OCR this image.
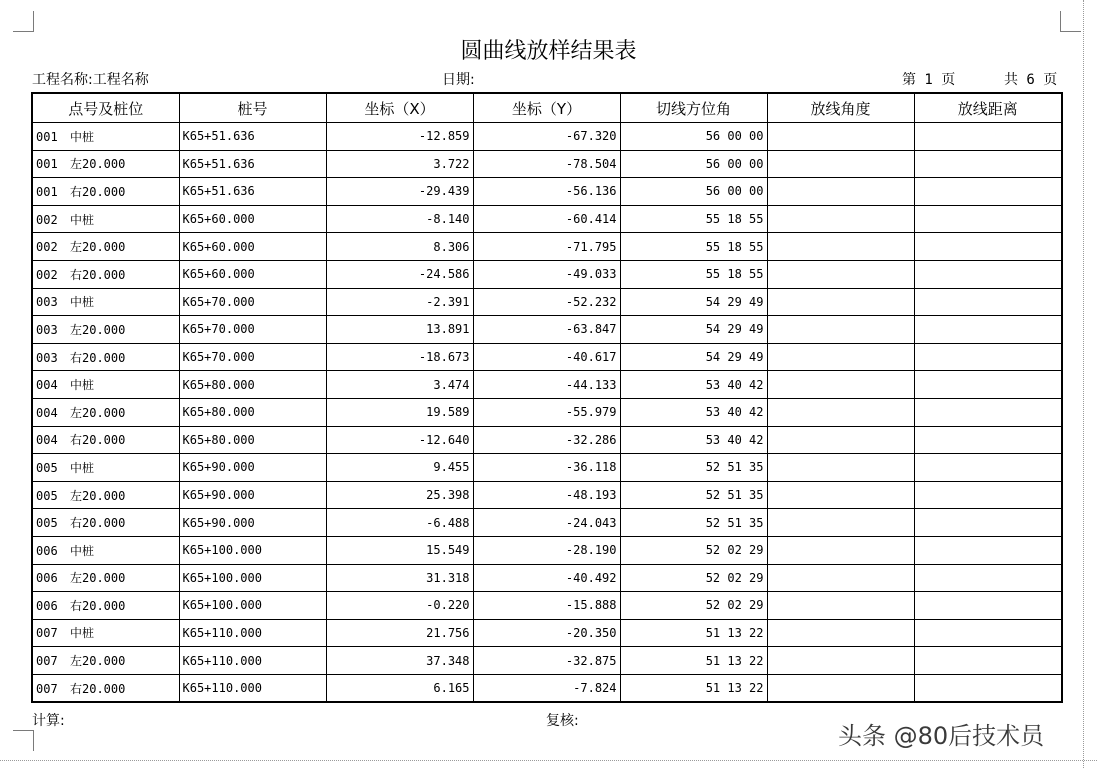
圆曲线放样结果表
工程名称:工程名称	日期:	第 1 页	共 6 页
点号及桩位	桩号	坐标（X）	坐标（Y）	切线方位角	放线角度	放线距离
001 中桩	K65+51.636	-12.859	-67.320	56 00 00		
001 左20.000	K65+51.636	3.722	-78.504	56 00 00		
001 右20.000	K65+51.636	-29.439	-56.136	56 00 00		
002 中桩	K65+60.000	-8.140	-60.414	55 18 55		
002 左20.000	K65+60.000	8.306	-71.795	55 18 55		
002 右20.000	K65+60.000	-24.586	-49.033	55 18 55		
003 中桩	K65+70.000	-2.391	-52.232	54 29 49		
003 左20.000	K65+70.000	13.891	-63.847	54 29 49		
003 右20.000	K65+70.000	-18.673	-40.617	54 29 49		
004 中桩	K65+80.000	3.474	-44.133	53 40 42		
004 左20.000	K65+80.000	19.589	-55.979	53 40 42		
004 右20.000	K65+80.000	-12.640	-32.286	53 40 42		
005 中桩	K65+90.000	9.455	-36.118	52 51 35		
005 左20.000	K65+90.000	25.398	-48.193	52 51 35		
005 右20.000	K65+90.000	-6.488	-24.043	52 51 35		
006 中桩	K65+100.000	15.549	-28.190	52 02 29		
006 左20.000	K65+100.000	31.318	-40.492	52 02 29		
006 右20.000	K65+100.000	-0.220	-15.888	52 02 29		
007 中桩	K65+110.000	21.756	-20.350	51 13 22		
007 左20.000	K65+110.000	37.348	-32.875	51 13 22		
007 右20.000	K65+110.000	6.165	-7.824	51 13 22		
计算:	复核:
头条 @80后技术员
